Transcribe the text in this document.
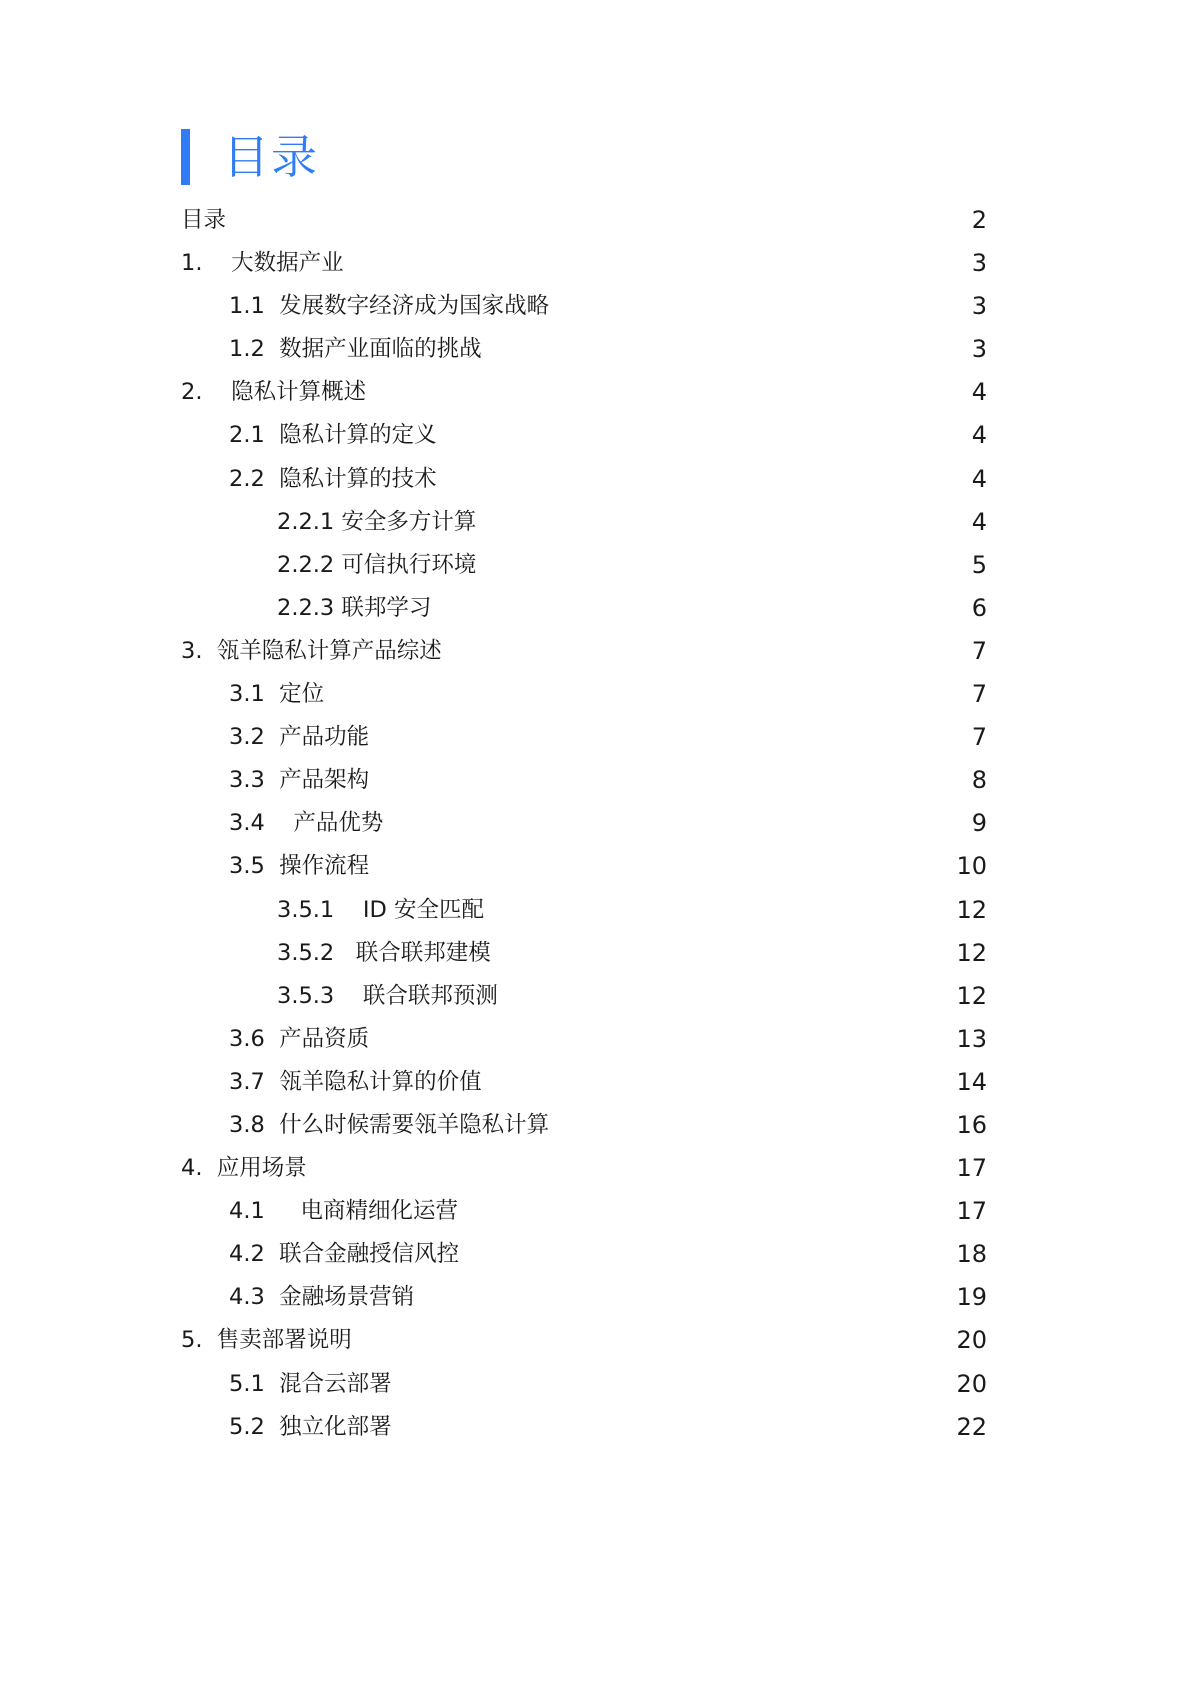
目录
目录	2
1.    大数据产业	3
1.1  发展数字经济成为国家战略	3
1.2  数据产业面临的挑战	3
2.    隐私计算概述	4
2.1  隐私计算的定义	4
2.2  隐私计算的技术	4
2.2.1 安全多方计算	4
2.2.2 可信执行环境	5
2.2.3 联邦学习	6
3.  瓴羊隐私计算产品综述	7
3.1  定位	7
3.2  产品功能	7
3.3  产品架构	8
3.4    产品优势	9
3.5  操作流程	10
3.5.1    ID 安全匹配	12
3.5.2   联合联邦建模	12
3.5.3    联合联邦预测	12
3.6  产品资质	13
3.7  瓴羊隐私计算的价值	14
3.8  什么时候需要瓴羊隐私计算	16
4.  应用场景	17
4.1     电商精细化运营	17
4.2  联合金融授信风控	18
4.3  金融场景营销	19
5.  售卖部署说明	20
5.1  混合云部署	20
5.2  独立化部署	22
